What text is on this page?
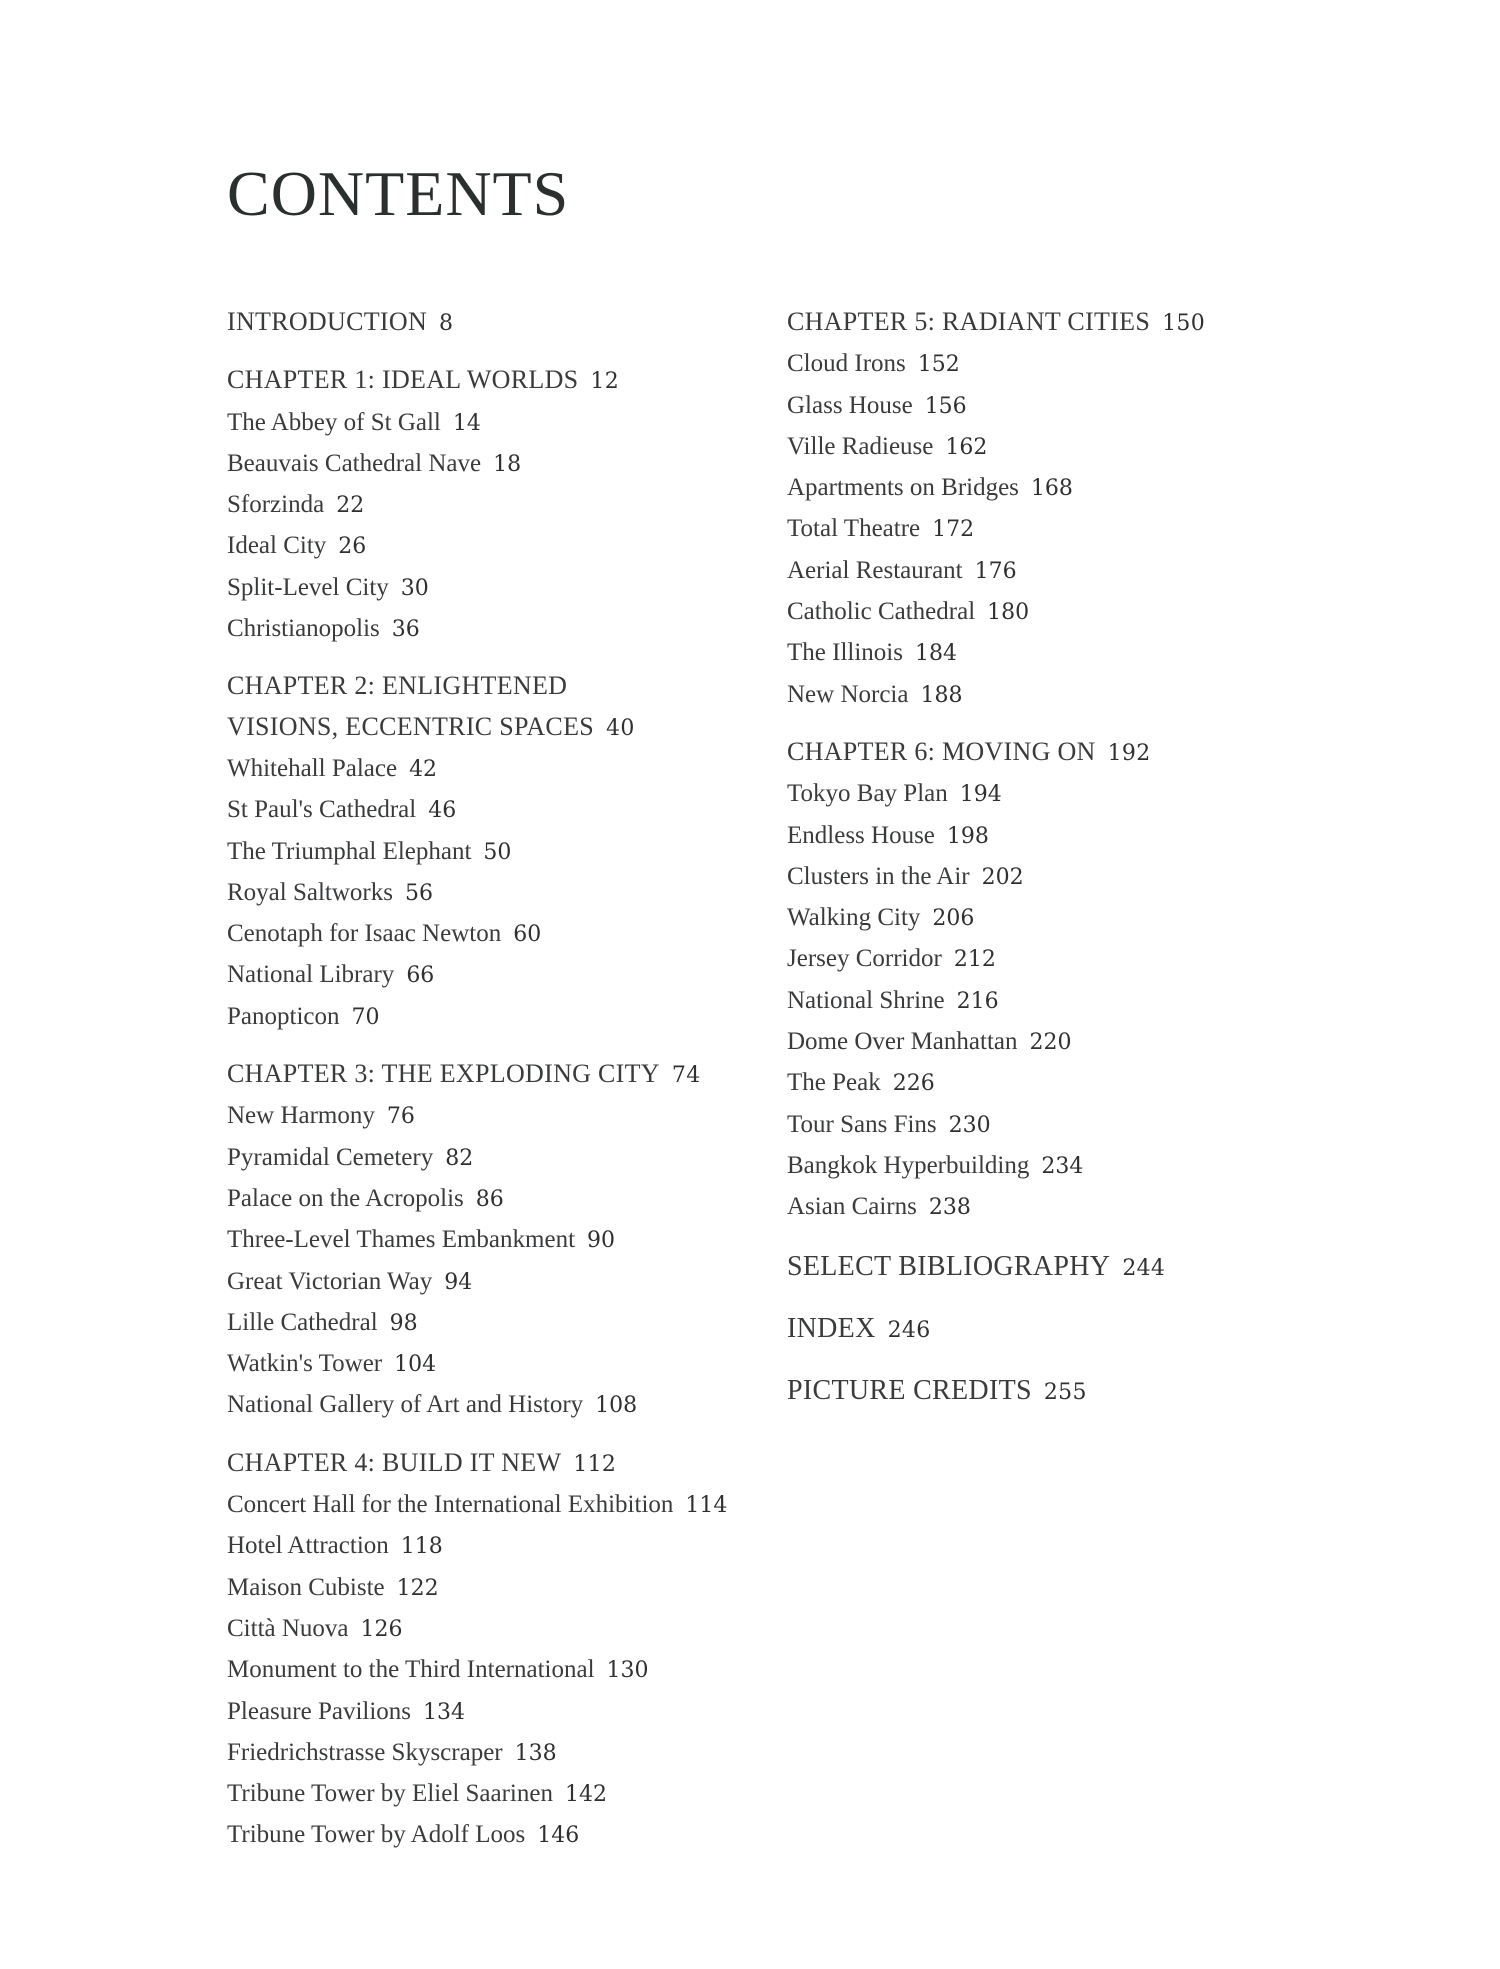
CONTENTS
INTRODUCTION 8
CHAPTER 1: IDEAL WORLDS 12
The Abbey of St Gall 14
Beauvais Cathedral Nave 18
Sforzinda 22
Ideal City 26
Split-Level City 30
Christianopolis 36
CHAPTER 2: ENLIGHTENED
VISIONS, ECCENTRIC SPACES 40
Whitehall Palace 42
St Paul's Cathedral 46
The Triumphal Elephant 50
Royal Saltworks 56
Cenotaph for Isaac Newton 60
National Library 66
Panopticon 70
CHAPTER 3: THE EXPLODING CITY 74
New Harmony 76
Pyramidal Cemetery 82
Palace on the Acropolis 86
Three-Level Thames Embankment 90
Great Victorian Way 94
Lille Cathedral 98
Watkin's Tower 104
National Gallery of Art and History 108
CHAPTER 4: BUILD IT NEW 112
Concert Hall for the International Exhibition 114
Hotel Attraction 118
Maison Cubiste 122
Città Nuova 126
Monument to the Third International 130
Pleasure Pavilions 134
Friedrichstrasse Skyscraper 138
Tribune Tower by Eliel Saarinen 142
Tribune Tower by Adolf Loos 146
CHAPTER 5: RADIANT CITIES 150
Cloud Irons 152
Glass House 156
Ville Radieuse 162
Apartments on Bridges 168
Total Theatre 172
Aerial Restaurant 176
Catholic Cathedral 180
The Illinois 184
New Norcia 188
CHAPTER 6: MOVING ON 192
Tokyo Bay Plan 194
Endless House 198
Clusters in the Air 202
Walking City 206
Jersey Corridor 212
National Shrine 216
Dome Over Manhattan 220
The Peak 226
Tour Sans Fins 230
Bangkok Hyperbuilding 234
Asian Cairns 238
SELECT BIBLIOGRAPHY 244
INDEX 246
PICTURE CREDITS 255
